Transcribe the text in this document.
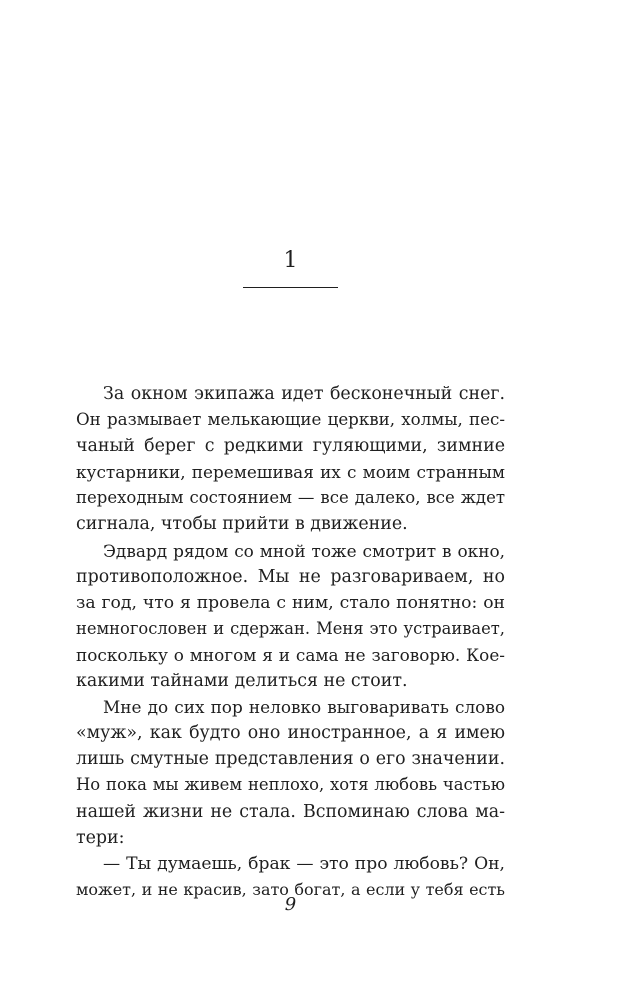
1

За окном экипажа идет бесконечный снег.
Он размывает мелькающие церкви, холмы, пес-
чаный берег с редкими гуляющими, зимние
кустарники, перемешивая их с моим странным
переходным состоянием — все далеко, все ждет
сигнала, чтобы прийти в движение.

Эдвард рядом со мной тоже смотрит в окно,
противоположное. Мы не разговариваем, но
за год, что я провела с ним, стало понятно: он
немногословен и сдержан. Меня это устраивает,
поскольку о многом я и сама не заговорю. Кое-
какими тайнами делиться не стоит.

Мне до сих пор неловко выговаривать слово
«муж», как будто оно иностранное, а я имею
лишь смутные представления о его значении.
Но пока мы живем неплохо, хотя любовь частью
нашей жизни не стала. Вспоминаю слова ма-
тери:

— Ты думаешь, брак — это про любовь? Он,
может, и не красив, зато богат, а если у тебя есть

9
